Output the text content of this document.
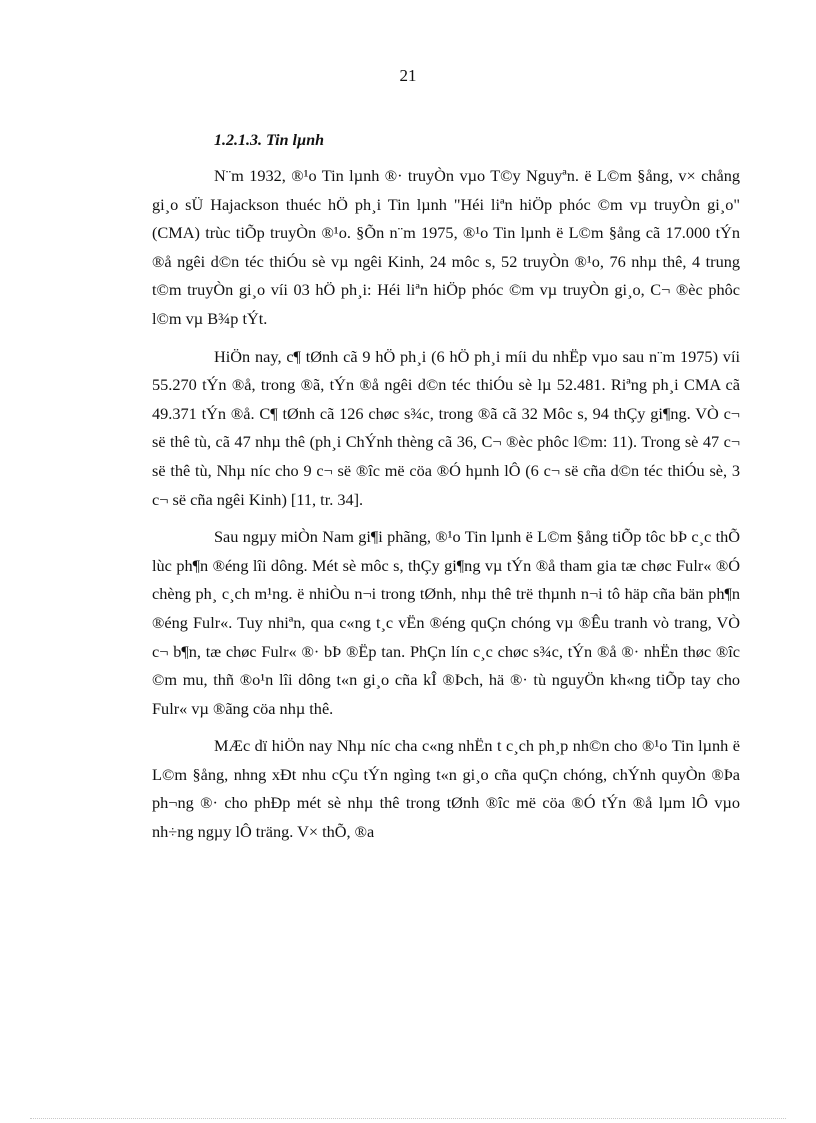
21
1.2.1.3. Tin lµnh

N¨m 1932, ®¹o Tin lµnh ®· truyÒn vµo T©y Nguyªn. ë L©m §ång, v× chång gi¸o sÜ Hajackson thuéc hÖ ph¸i Tin lµnh "Héi liªn hiÖp phóc ©m vµ truyÒn gi¸o" (CMA) trùc tiÕp truyÒn ®¹o. §Õn n¨m 1975, ®¹o Tin lµnh ë L©m §ång cã 17.000 tÝn ®å ngêi d©n téc thiÓu sè vµ ngêi Kinh, 24 môc s, 52 truyÒn ®¹o, 76 nhµ thê, 4 trung t©m truyÒn gi¸o víi 03 hÖ ph¸i: Héi liªn hiÖp phóc ©m vµ truyÒn gi¸o, C¬ ®èc phôc l©m vµ B¾p tÝt.

HiÖn nay, c¶ tØnh cã 9 hÖ ph¸i (6 hÖ ph¸i míi du nhËp vµo sau n¨m 1975) víi 55.270 tÝn ®å, trong ®ã, tÝn ®å ngêi d©n téc thiÓu sè lµ 52.481. Riªng ph¸i CMA cã 49.371 tÝn ®å. C¶ tØnh cã 126 chøc s¾c, trong ®ã cã 32 Môc s, 94 thÇy gi¶ng. VÒ c¬ së thê tù, cã 47 nhµ thê (ph¸i ChÝnh thèng cã 36, C¬ ®èc phôc l©m: 11). Trong sè 47 c¬ së thê tù, Nhµ níc cho 9 c¬ së ®îc më cöa ®Ó hµnh lÔ (6 c¬ së cña d©n téc thiÓu sè, 3 c¬ së cña ngêi Kinh) [11, tr. 34].

Sau ngµy miÒn Nam gi¶i phãng, ®¹o Tin lµnh ë L©m §ång tiÕp tôc bÞ c¸c thÕ lùc ph¶n ®éng lîi dông. Mét sè môc s, thÇy gi¶ng vµ tÝn ®å tham gia tæ chøc Fulr« ®Ó chèng ph¸ c¸ch m¹ng. ë nhiÒu n¬i trong tØnh, nhµ thê trë thµnh n¬i tô häp cña bän ph¶n ®éng Fulr«. Tuy nhiªn, qua c«ng t¸c vËn ®éng quÇn chóng vµ ®Êu tranh vò trang, VÒ c¬ b¶n, tæ chøc Fulr« ®· bÞ ®Ëp tan. PhÇn lín c¸c chøc s¾c, tÝn ®å ®· nhËn thøc ®îc ©m mu, thñ ®o¹n lîi dông t«n gi¸o cña kÎ ®Þch, hä ®· tù nguyÖn kh«ng tiÕp tay cho Fulr« vµ ®ãng cöa nhµ thê.

MÆc dï hiÖn nay Nhµ níc cha c«ng nhËn t c¸ch ph¸p nh©n cho ®¹o Tin lµnh ë L©m §ång, nhng xÐt nhu cÇu tÝn ngìng t«n gi¸o cña quÇn chóng, chÝnh quyÒn ®Þa ph¬ng ®· cho phÐp mét sè nhµ thê trong tØnh ®îc më cöa ®Ó tÝn ®å lµm lÔ vµo nh÷ng ngµy lÔ träng. V× thÕ, ®a
